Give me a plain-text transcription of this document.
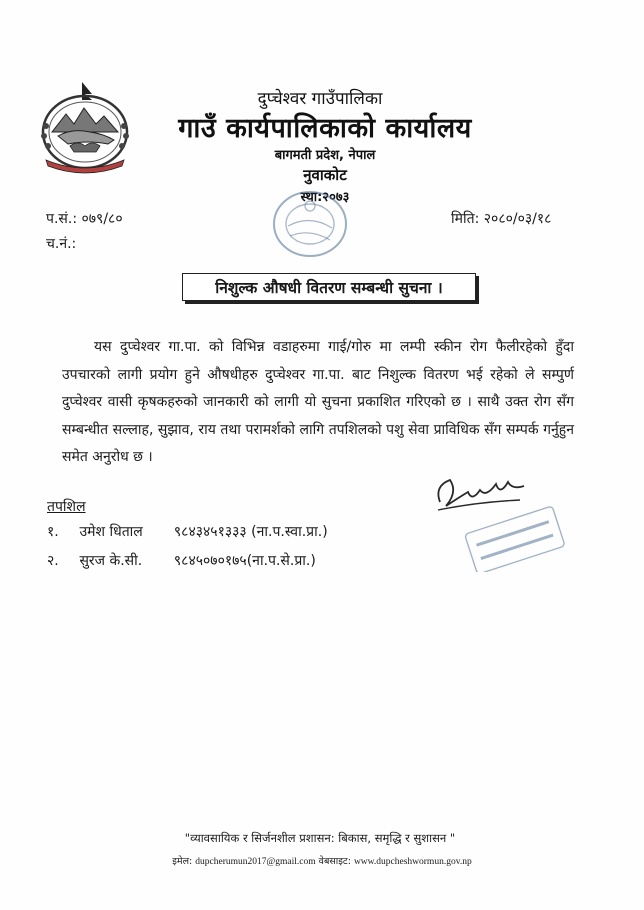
दुप्चेश्वर गाउँपालिका
गाउँ कार्यपालिकाको कार्यालय
बागमती प्रदेश, नेपाल
नुवाकोट
स्था:२०७३
प.सं.: ०७९/८०
च.नं.:
मिति: २०८०/०३/१८
निशुल्क औषधी वितरण सम्बन्धी सुचना ।

यस दुप्चेश्वर गा.पा. को विभिन्न वडाहरुमा गाई/गोरु मा लम्पी स्कीन रोग फैलीरहेको हुँदा उपचारको लागी प्रयोग हुने औषधीहरु दुप्चेश्वर गा.पा. बाट निशुल्क वितरण भई रहेको ले सम्पुर्ण दुप्चेश्वर वासी कृषकहरुको जानकारी को लागी यो सुचना प्रकाशित गरिएको छ । साथै उक्त रोग सँग सम्बन्धीत सल्लाह, सुझाव, राय तथा परामर्शको लागि तपशिलको पशु सेवा प्राविधिक सँग सम्पर्क गर्नुहुन समेत अनुरोध छ ।

तपशिल
१. उमेश धिताल ९८४३४५१३३३ (ना.प.स्वा.प्रा.)
२. सुरज के.सी. ९८४५०७०१७५(ना.प.से.प्रा.)
"व्यावसायिक र सिर्जनशील प्रशासन: बिकास, समृद्धि र सुशासन "
इमेल: dupcherumun2017@gmail.com वेबसाइट: www.dupcheshwormun.gov.np
